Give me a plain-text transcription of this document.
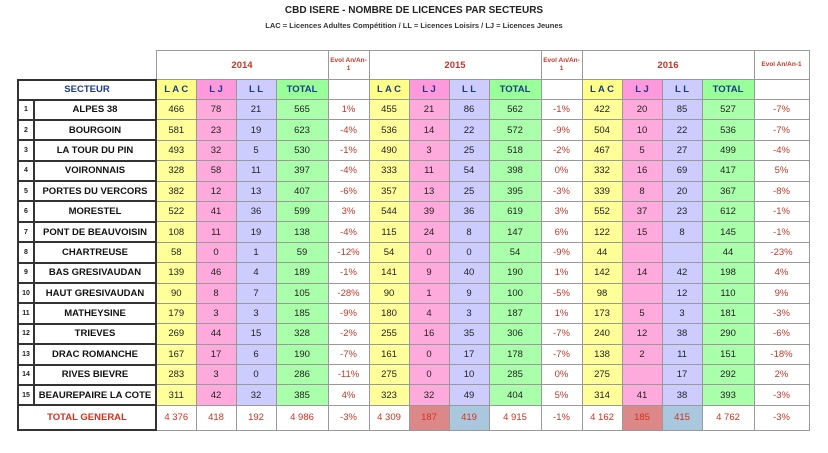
CBD ISERE - NOMBRE DE LICENCES PAR SECTEURS
LAC = Licences Adultes Compétition / LL = Licences Loisirs / LJ = Licences Jeunes
		2014				Evol An/An-1	2015				Evol An/An-1	2016				Evol An/An-1
SECTEUR		L A C	L J	L L	TOTAL		L A C	L J	L L	TOTAL		L A C	L J	L L	TOTAL	
1	ALPES 38	466	78	21	565	1%	455	21	86	562	-1%	422	20	85	527	-7%
2	BOURGOIN	581	23	19	623	-4%	536	14	22	572	-9%	504	10	22	536	-7%
3	LA TOUR DU PIN	493	32	5	530	-1%	490	3	25	518	-2%	467	5	27	499	-4%
4	VOIRONNAIS	328	58	11	397	-4%	333	11	54	398	0%	332	16	69	417	5%
5	PORTES DU VERCORS	382	12	13	407	-6%	357	13	25	395	-3%	339	8	20	367	-8%
6	MORESTEL	522	41	36	599	3%	544	39	36	619	3%	552	37	23	612	-1%
7	PONT DE BEAUVOISIN	108	11	19	138	-4%	115	24	8	147	6%	122	15	8	145	-1%
8	CHARTREUSE	58	0	1	59	-12%	54	0	0	54	-9%	44			44	-23%
9	BAS GRESIVAUDAN	139	46	4	189	-1%	141	9	40	190	1%	142	14	42	198	4%
10	HAUT GRESIVAUDAN	90	8	7	105	-28%	90	1	9	100	-5%	98		12	110	9%
11	MATHEYSINE	179	3	3	185	-9%	180	4	3	187	1%	173	5	3	181	-3%
12	TRIEVES	269	44	15	328	-2%	255	16	35	306	-7%	240	12	38	290	-6%
13	DRAC ROMANCHE	167	17	6	190	-7%	161	0	17	178	-7%	138	2	11	151	-18%
14	RIVES BIEVRE	283	3	0	286	-11%	275	0	10	285	0%	275		17	292	2%
15	BEAUREPAIRE LA COTE	311	42	32	385	4%	323	32	49	404	5%	314	41	38	393	-3%
TOTAL GENERAL		4 376	418	192	4 986	-3%	4 309	187	419	4 915	-1%	4 162	185	415	4 762	-3%
